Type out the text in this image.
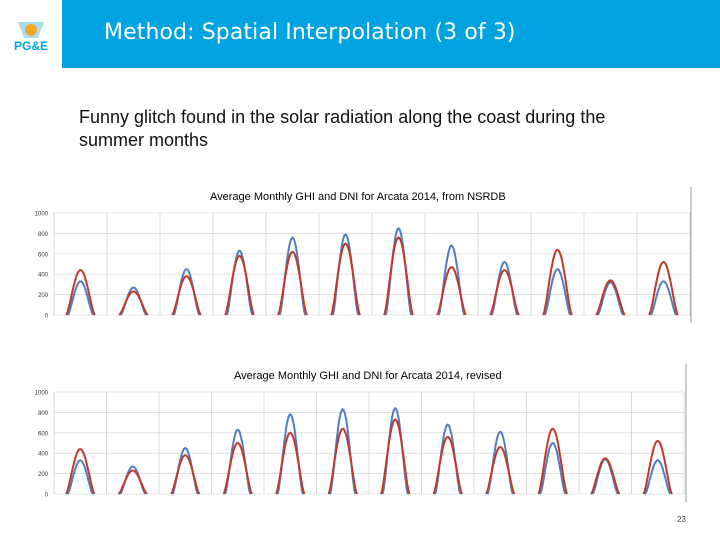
PG&E
Method: Spatial Interpolation (3 of 3)
Funny glitch found in the solar radiation along the coast during the summer months
Average Monthly GHI and DNI for Arcata 2014, from NSRDB
0
200
400
600
800
1000
Average Monthly GHI and DNI for Arcata 2014, revised
0
200
400
600
800
1000
23
